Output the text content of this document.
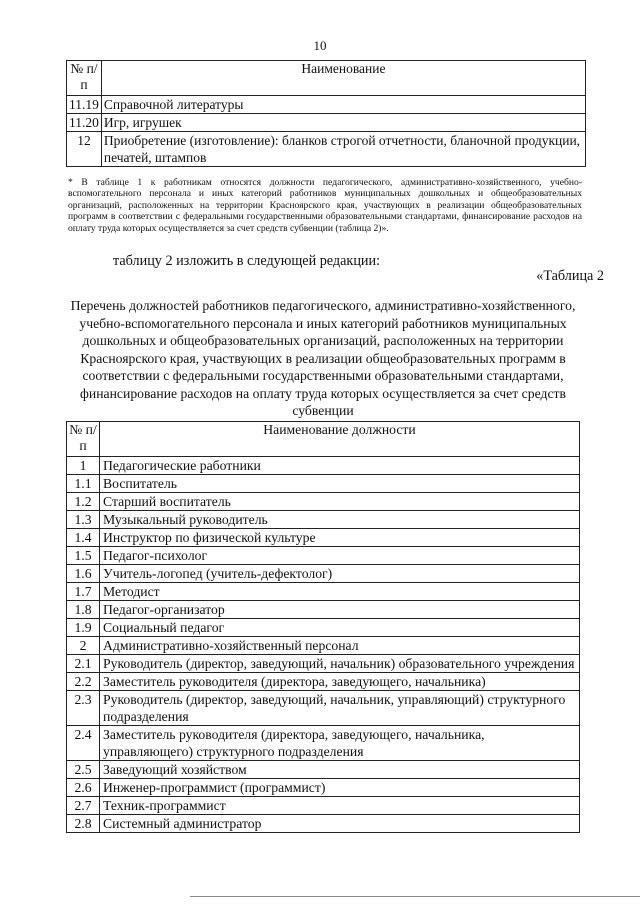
10
№ п/п	Наименование
11.19	Справочной литературы
11.20	Игр, игрушек
12	Приобретение (изготовление): бланков строгой отчетности, бланочной продукции, печатей, штампов
* В таблице 1 к работникам относятся должности педагогического, административно-хозяйственного, учебно-вспомогательного персонала и иных категорий работников муниципальных дошкольных и общеобразовательных организаций, расположенных на территории Красноярского края, участвующих в реализации общеобразовательных программ в соответствии с федеральными государственными образовательными стандартами, финансирование расходов на оплату труда которых осуществляется за счет средств субвенции (таблица 2)».
таблицу 2 изложить в следующей редакции:
«Таблица 2
Перечень должностей работников педагогического, административно-хозяйственного, учебно-вспомогательного персонала и иных категорий работников муниципальных дошкольных и общеобразовательных организаций, расположенных на территории Красноярского края, участвующих в реализации общеобразовательных программ в соответствии с федеральными государственными образовательными стандартами, финансирование расходов на оплату труда которых осуществляется за счет средств субвенции
№ п/п	Наименование должности
1	Педагогические работники
1.1	Воспитатель
1.2	Старший воспитатель
1.3	Музыкальный руководитель
1.4	Инструктор по физической культуре
1.5	Педагог-психолог
1.6	Учитель-логопед (учитель-дефектолог)
1.7	Методист
1.8	Педагог-организатор
1.9	Социальный педагог
2	Административно-хозяйственный персонал
2.1	Руководитель (директор, заведующий, начальник) образовательного учреждения
2.2	Заместитель руководителя (директора, заведующего, начальника)
2.3	Руководитель (директор, заведующий, начальник, управляющий) структурного подразделения
2.4	Заместитель руководителя (директора, заведующего, начальника, управляющего) структурного подразделения
2.5	Заведующий хозяйством
2.6	Инженер-программист (программист)
2.7	Техник-программист
2.8	Системный администратор
